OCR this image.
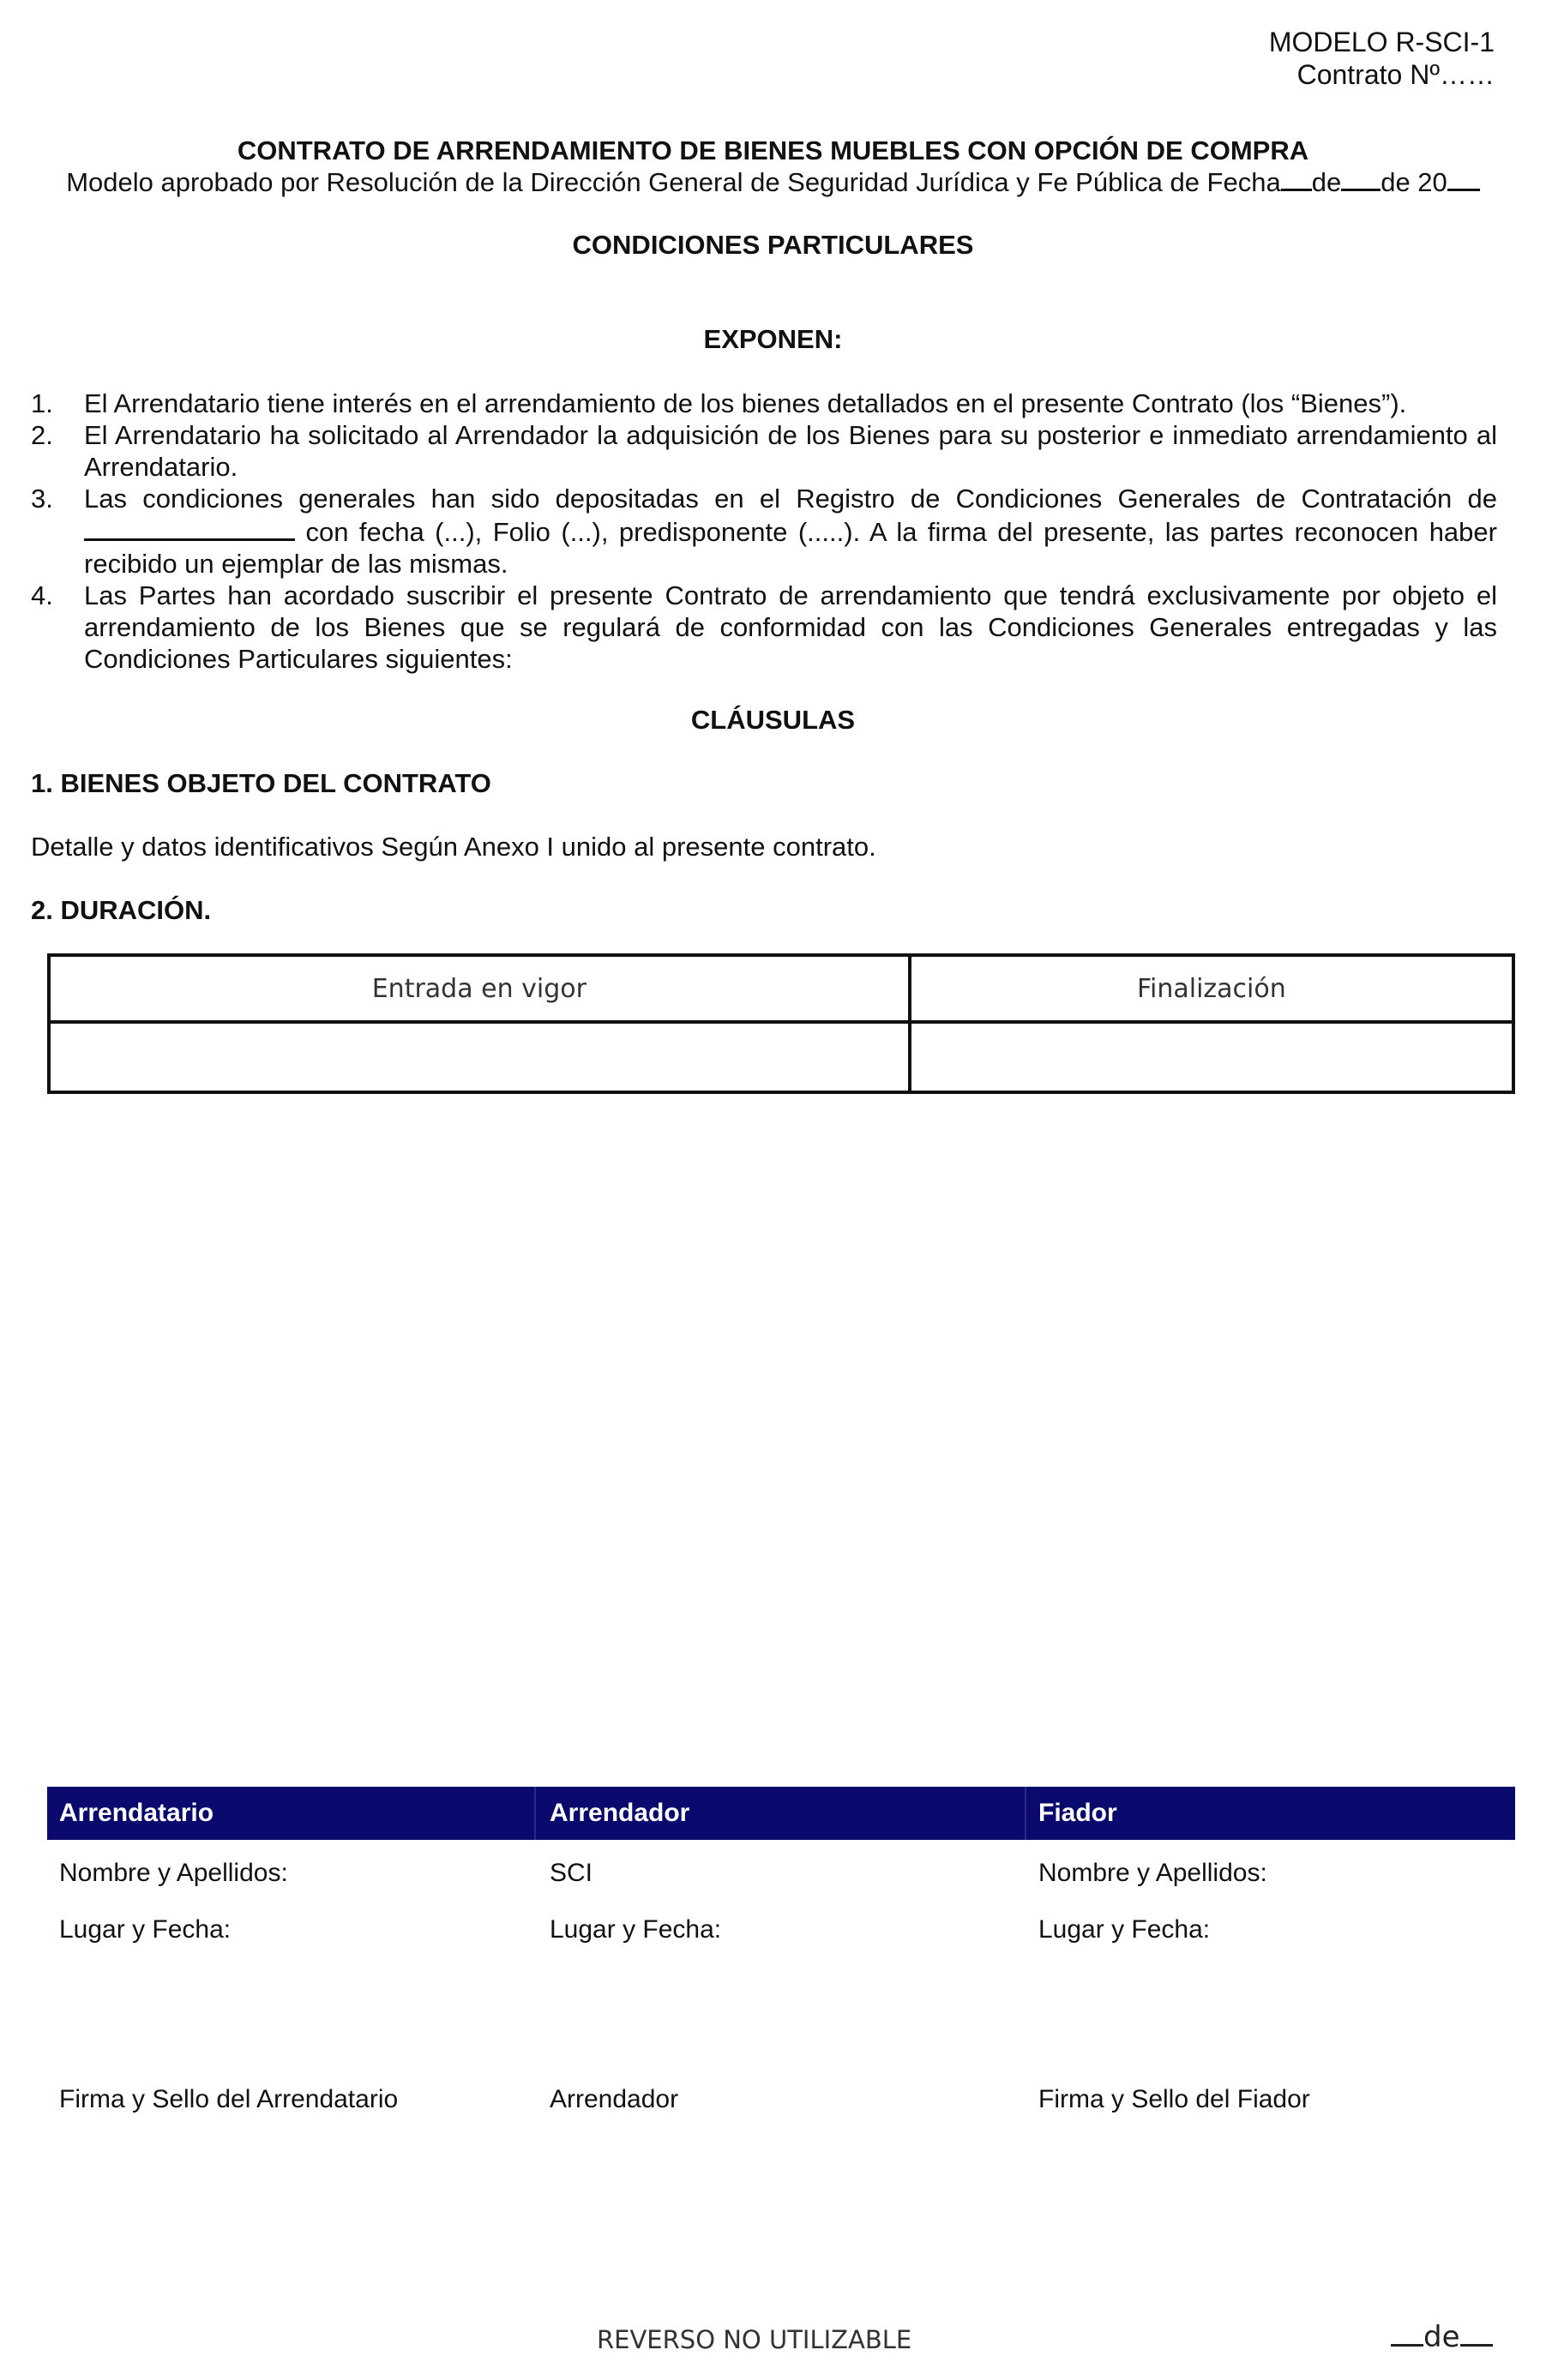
MODELO R-SCI-1
Contrato Nº……
CONTRATO DE ARRENDAMIENTO DE BIENES MUEBLES CON OPCIÓN DE COMPRA
Modelo aprobado por Resolución de la Dirección General de Seguridad Jurídica y Fe Pública de Fecha de de 20
CONDICIONES PARTICULARES
EXPONEN:
1. El Arrendatario tiene interés en el arrendamiento de los bienes detallados en el presente Contrato (los “Bienes”).
2. El Arrendatario ha solicitado al Arrendador la adquisición de los Bienes para su posterior e inmediato arrendamiento al Arrendatario.
3. Las condiciones generales han sido depositadas en el Registro de Condiciones Generales de Contratación de  con fecha (...), Folio (...), predisponente (.....). A la firma del presente, las partes reconocen haber recibido un ejemplar de las mismas.
4. Las Partes han acordado suscribir el presente Contrato de arrendamiento que tendrá exclusivamente por objeto el arrendamiento de los Bienes que se regulará de conformidad con las Condiciones Generales entregadas y las Condiciones Particulares siguientes:
CLÁUSULAS
1. BIENES OBJETO DEL CONTRATO
Detalle y datos identificativos Según Anexo I unido al presente contrato.
2. DURACIÓN.
Entrada en vigor	Finalización

Arrendatario	Arrendador	Fiador
Nombre y Apellidos:	SCI	Nombre y Apellidos:
Lugar y Fecha:	Lugar y Fecha:	Lugar y Fecha:
Firma y Sello del Arrendatario	Arrendador	Firma y Sello del Fiador
REVERSO NO UTILIZABLE	de
